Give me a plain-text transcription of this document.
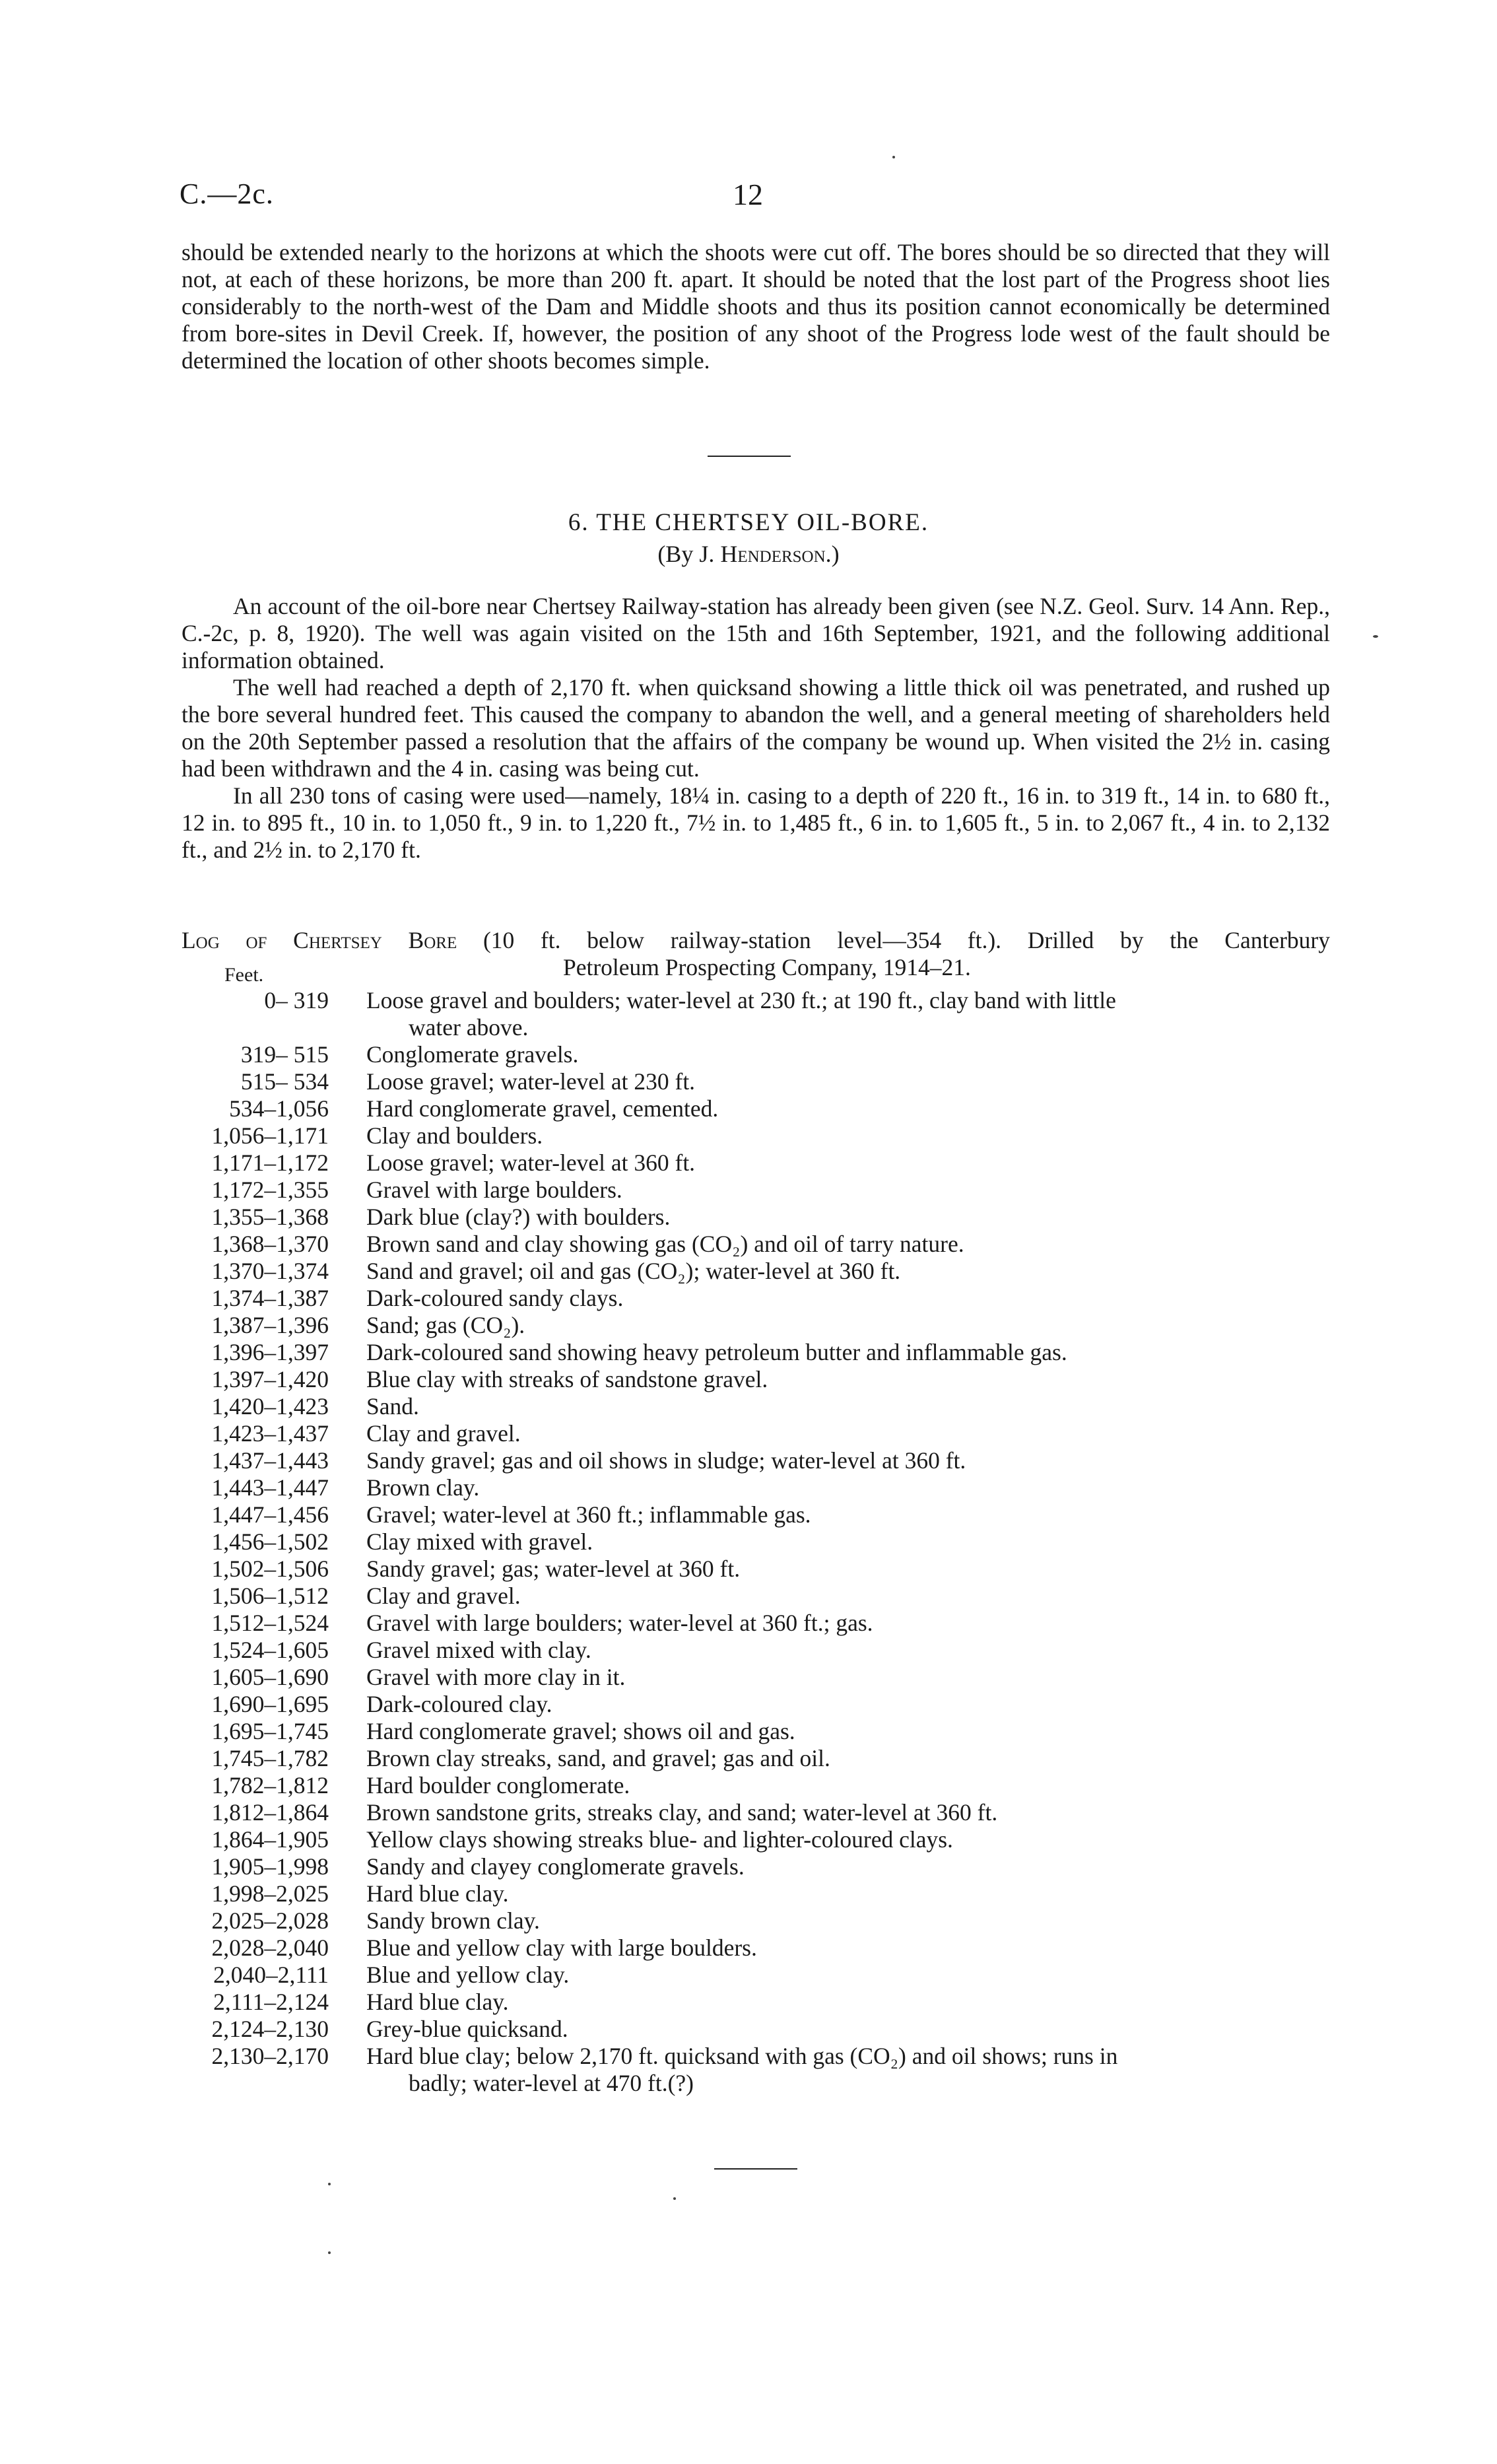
C.—2c.	12

should be extended nearly to the horizons at which the shoots were cut off. The bores should be so directed that they will not, at each of these horizons, be more than 200 ft. apart. It should be noted that the lost part of the Progress shoot lies considerably to the north-west of the Dam and Middle shoots and thus its position cannot economically be determined from bore-sites in Devil Creek. If, however, the position of any shoot of the Progress lode west of the fault should be determined the location of other shoots becomes simple.

6. THE CHERTSEY OIL-BORE.
(By J. Henderson.)

An account of the oil-bore near Chertsey Railway-station has already been given (see N.Z. Geol. Surv. 14 Ann. Rep., C.-2c, p. 8, 1920). The well was again visited on the 15th and 16th September, 1921, and the following additional information obtained.

The well had reached a depth of 2,170 ft. when quicksand showing a little thick oil was penetrated, and rushed up the bore several hundred feet. This caused the company to abandon the well, and a general meeting of shareholders held on the 20th September passed a resolution that the affairs of the company be wound up. When visited the 2½ in. casing had been withdrawn and the 4 in. casing was being cut.

In all 230 tons of casing were used—namely, 18¼ in. casing to a depth of 220 ft., 16 in. to 319 ft., 14 in. to 680 ft., 12 in. to 895 ft., 10 in. to 1,050 ft., 9 in. to 1,220 ft., 7½ in. to 1,485 ft., 6 in. to 1,605 ft., 5 in. to 2,067 ft., 4 in. to 2,132 ft., and 2½ in. to 2,170 ft.

Log of Chertsey Bore (10 ft. below railway-station level—354 ft.). Drilled by the Canterbury
Petroleum Prospecting Company, 1914–21.
Feet.
0– 319 Loose gravel and boulders; water-level at 230 ft.; at 190 ft., clay band with little
water above.
319– 515 Conglomerate gravels.
515– 534 Loose gravel; water-level at 230 ft.
534–1,056 Hard conglomerate gravel, cemented.
1,056–1,171 Clay and boulders.
1,171–1,172 Loose gravel; water-level at 360 ft.
1,172–1,355 Gravel with large boulders.
1,355–1,368 Dark blue (clay?) with boulders.
1,368–1,370 Brown sand and clay showing gas (CO₂) and oil of tarry nature.
1,370–1,374 Sand and gravel; oil and gas (CO₂); water-level at 360 ft.
1,374–1,387 Dark-coloured sandy clays.
1,387–1,396 Sand; gas (CO₂).
1,396–1,397 Dark-coloured sand showing heavy petroleum butter and inflammable gas.
1,397–1,420 Blue clay with streaks of sandstone gravel.
1,420–1,423 Sand.
1,423–1,437 Clay and gravel.
1,437–1,443 Sandy gravel; gas and oil shows in sludge; water-level at 360 ft.
1,443–1,447 Brown clay.
1,447–1,456 Gravel; water-level at 360 ft.; inflammable gas.
1,456–1,502 Clay mixed with gravel.
1,502–1,506 Sandy gravel; gas; water-level at 360 ft.
1,506–1,512 Clay and gravel.
1,512–1,524 Gravel with large boulders; water-level at 360 ft.; gas.
1,524–1,605 Gravel mixed with clay.
1,605–1,690 Gravel with more clay in it.
1,690–1,695 Dark-coloured clay.
1,695–1,745 Hard conglomerate gravel; shows oil and gas.
1,745–1,782 Brown clay streaks, sand, and gravel; gas and oil.
1,782–1,812 Hard boulder conglomerate.
1,812–1,864 Brown sandstone grits, streaks clay, and sand; water-level at 360 ft.
1,864–1,905 Yellow clays showing streaks blue- and lighter-coloured clays.
1,905–1,998 Sandy and clayey conglomerate gravels.
1,998–2,025 Hard blue clay.
2,025–2,028 Sandy brown clay.
2,028–2,040 Blue and yellow clay with large boulders.
2,040–2,111 Blue and yellow clay.
2,111–2,124 Hard blue clay.
2,124–2,130 Grey-blue quicksand.
2,130–2,170 Hard blue clay; below 2,170 ft. quicksand with gas (CO₂) and oil shows; runs in
badly; water-level at 470 ft.(?)
